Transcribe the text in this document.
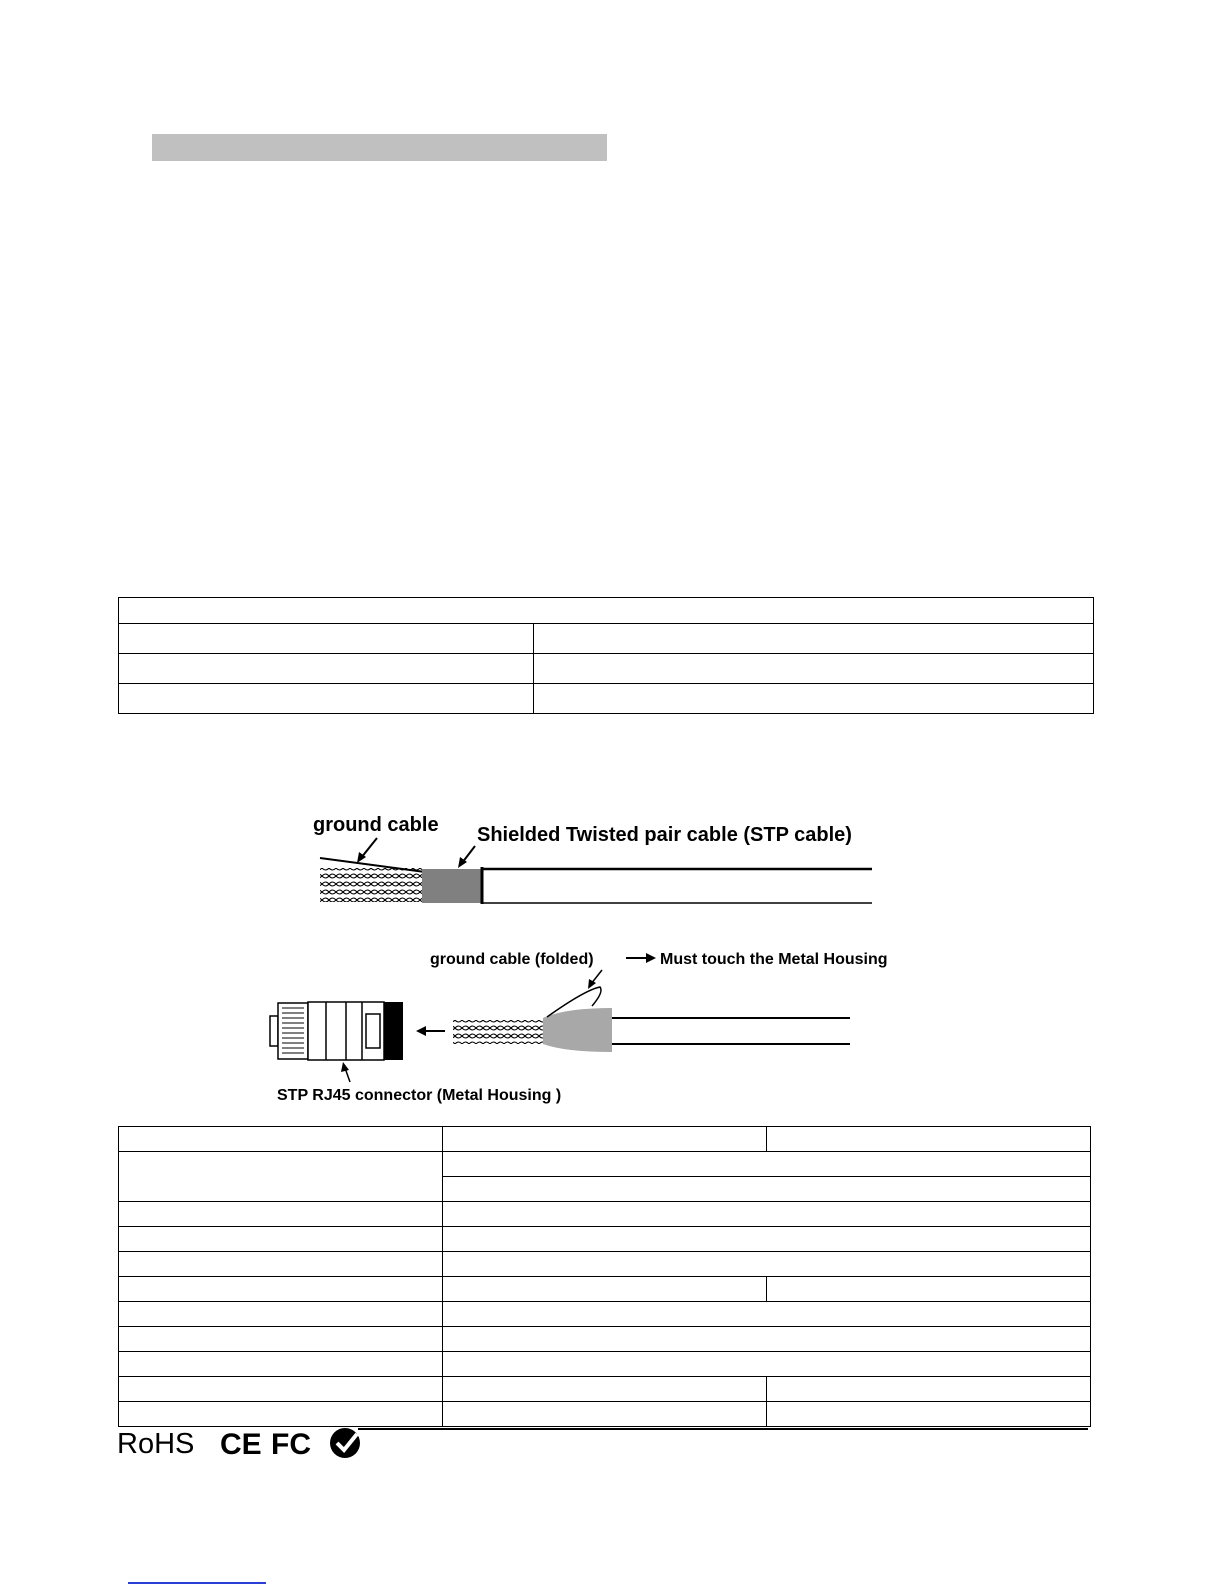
ground cable Shielded Twisted pair cable (STP cable)
ground cable (folded)	Must touch the Metal Housing
STP RJ45 connector (Metal Housing )

RoHS CE FC
